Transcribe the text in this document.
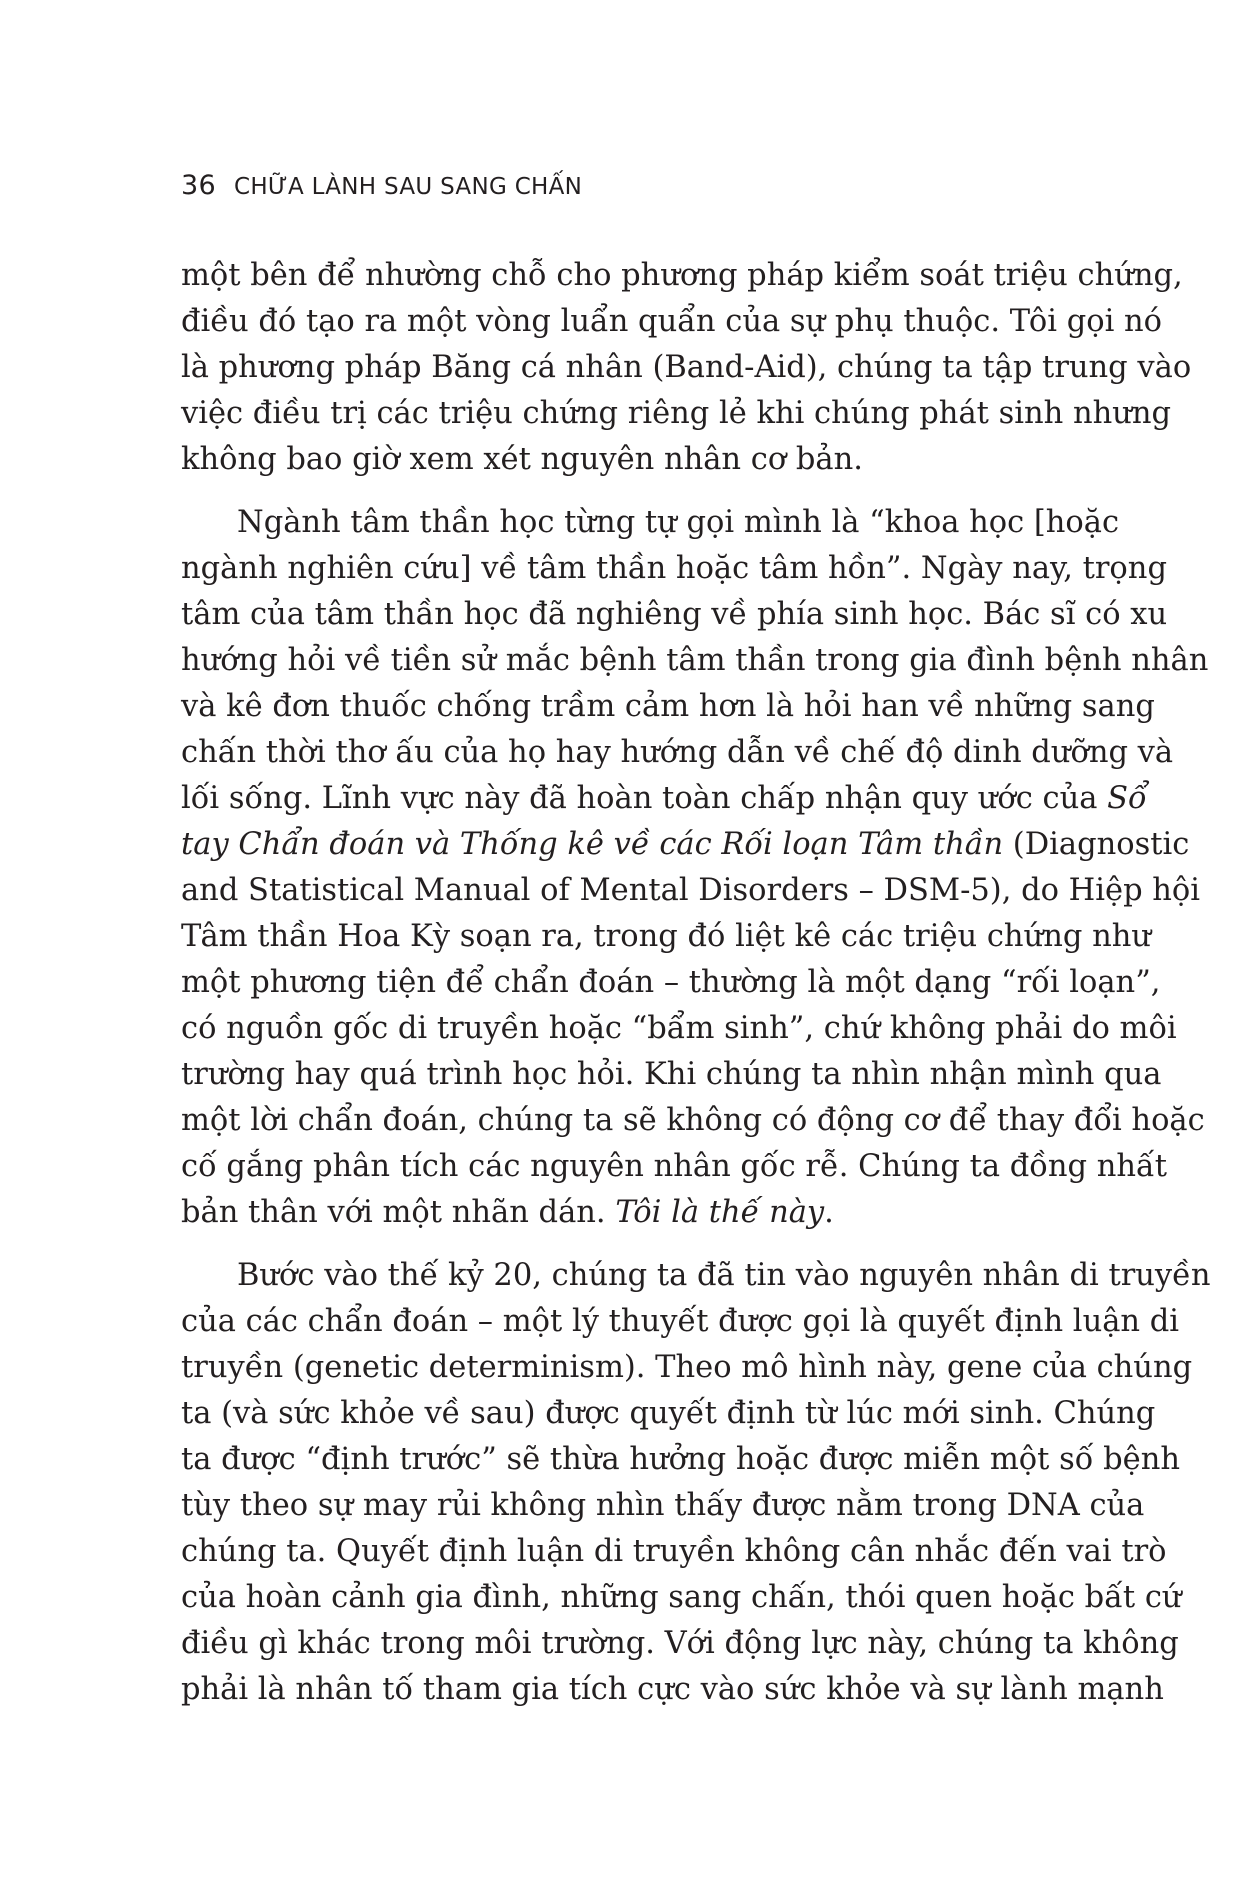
36 CHỮA LÀNH SAU SANG CHẤN
một bên để nhường chỗ cho phương pháp kiểm soát triệu chứng,
điều đó tạo ra một vòng luẩn quẩn của sự phụ thuộc. Tôi gọi nó
là phương pháp Băng cá nhân (Band-Aid), chúng ta tập trung vào
việc điều trị các triệu chứng riêng lẻ khi chúng phát sinh nhưng
không bao giờ xem xét nguyên nhân cơ bản.
Ngành tâm thần học từng tự gọi mình là “khoa học [hoặc
ngành nghiên cứu] về tâm thần hoặc tâm hồn”. Ngày nay, trọng
tâm của tâm thần học đã nghiêng về phía sinh học. Bác sĩ có xu
hướng hỏi về tiền sử mắc bệnh tâm thần trong gia đình bệnh nhân
và kê đơn thuốc chống trầm cảm hơn là hỏi han về những sang
chấn thời thơ ấu của họ hay hướng dẫn về chế độ dinh dưỡng và
lối sống. Lĩnh vực này đã hoàn toàn chấp nhận quy ước của Sổ
tay Chẩn đoán và Thống kê về các Rối loạn Tâm thần (Diagnostic
and Statistical Manual of Mental Disorders – DSM-5), do Hiệp hội
Tâm thần Hoa Kỳ soạn ra, trong đó liệt kê các triệu chứng như
một phương tiện để chẩn đoán – thường là một dạng “rối loạn”,
có nguồn gốc di truyền hoặc “bẩm sinh”, chứ không phải do môi
trường hay quá trình học hỏi. Khi chúng ta nhìn nhận mình qua
một lời chẩn đoán, chúng ta sẽ không có động cơ để thay đổi hoặc
cố gắng phân tích các nguyên nhân gốc rễ. Chúng ta đồng nhất
bản thân với một nhãn dán. Tôi là thế này.
Bước vào thế kỷ 20, chúng ta đã tin vào nguyên nhân di truyền
của các chẩn đoán – một lý thuyết được gọi là quyết định luận di
truyền (genetic determinism). Theo mô hình này, gene của chúng
ta (và sức khỏe về sau) được quyết định từ lúc mới sinh. Chúng
ta được “định trước” sẽ thừa hưởng hoặc được miễn một số bệnh
tùy theo sự may rủi không nhìn thấy được nằm trong DNA của
chúng ta. Quyết định luận di truyền không cân nhắc đến vai trò
của hoàn cảnh gia đình, những sang chấn, thói quen hoặc bất cứ
điều gì khác trong môi trường. Với động lực này, chúng ta không
phải là nhân tố tham gia tích cực vào sức khỏe và sự lành mạnh
